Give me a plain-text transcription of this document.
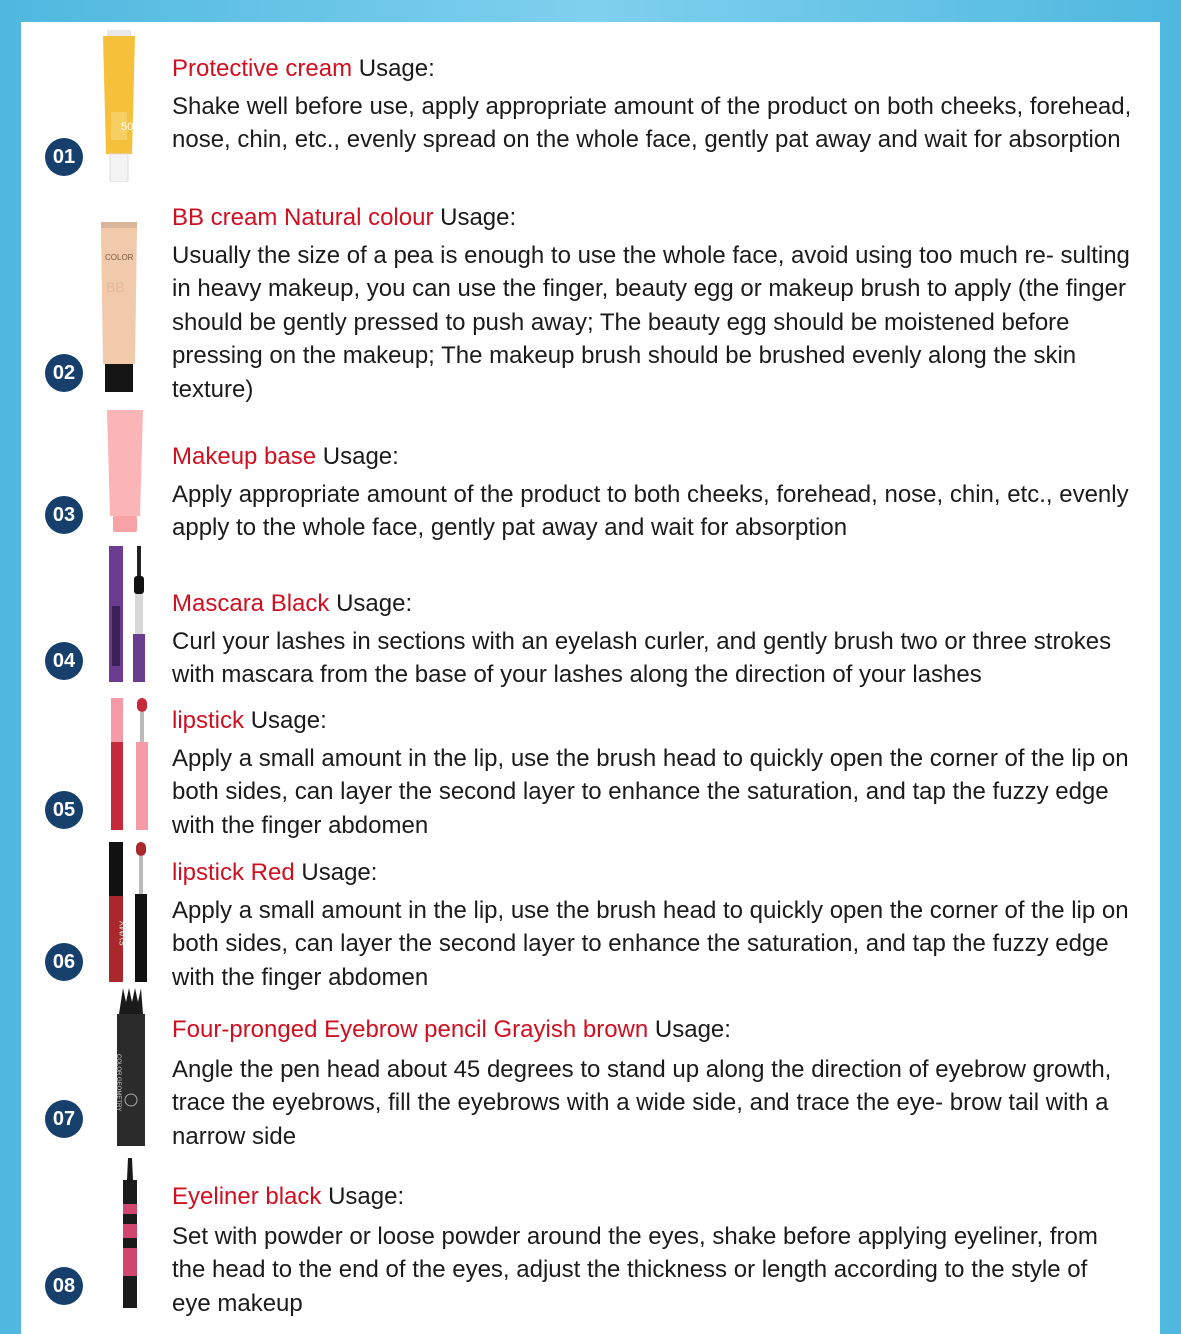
50
01
Protective cream Usage:
Shake well before use, apply appropriate amount of the product on both cheeks, forehead, nose, chin, etc., evenly spread on the whole face, gently pat away and wait for absorption
COLOR
BB
02
BB cream Natural colour Usage:
Usually the size of a pea is enough to use the whole face, avoid using too much re- sulting in heavy makeup, you can use the finger, beauty egg or makeup brush to apply (the finger should be gently pressed to push away; The beauty egg should be moistened before pressing on the makeup; The makeup brush should be brushed evenly along the skin texture)
03
Makeup base Usage:
Apply appropriate amount of the product to both cheeks, forehead, nose, chin, etc., evenly apply to the whole face, gently pat away and wait for absorption
04
Mascara Black Usage:
Curl your lashes in sections with an eyelash curler, and gently brush two or three strokes with mascara from the base of your lashes along the direction of your lashes
05
lipstick Usage:
Apply a small amount in the lip, use the brush head to quickly open the corner of the lip on both sides, can layer the second layer to enhance the saturation, and tap the fuzzy edge with the finger abdomen
SVMY
06
lipstick Red Usage:
Apply a small amount in the lip, use the brush head to quickly open the corner of the lip on both sides, can layer the second layer to enhance the saturation, and tap the fuzzy edge with the finger abdomen
COLOR GEOMETRY
07
Four-pronged Eyebrow pencil Grayish brown Usage:
Angle the pen head about 45 degrees to stand up along the direction of eyebrow growth, trace the eyebrows, fill the eyebrows with a wide side, and trace the eye- brow tail with a narrow side
08
Eyeliner black Usage:
Set with powder or loose powder around the eyes, shake before applying eyeliner, from the head to the end of the eyes, adjust the thickness or length according to the style of eye makeup
